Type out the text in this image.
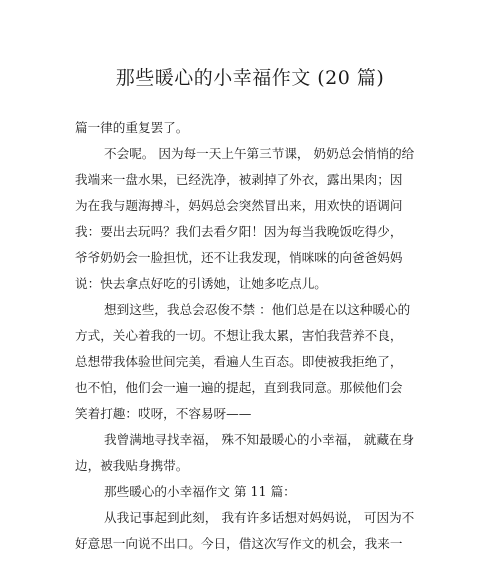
那些暖心的小幸福作文 (20 篇)
篇一律的重复罢了。
不会呢。 因为每一天上午第三节课， 奶奶总会悄悄的给
我端来一盘水果，已经洗净，被剥掉了外衣，露出果肉；因
为在我与题海搏斗，妈妈总会突然冒出来，用欢快的语调问
我：要出去玩吗？我们去看夕阳！因为每当我晚饭吃得少，
爷爷奶奶会一脸担忧，还不让我发现，悄咪咪的向爸爸妈妈
说：快去拿点好吃的引诱她，让她多吃点儿。
想到这些，我总会忍俊不禁 ：他们总是在以这种暖心的
方式，关心着我的一切。不想让我太累，害怕我营养不良，
总想带我体验世间完美，看遍人生百态。即使被我拒绝了，
也不怕，他们会一遍一遍的提起，直到我同意。那候他们会
笑着打趣：哎呀，不容易呀——
我曾满地寻找幸福， 殊不知最暖心的小幸福， 就藏在身
边，被我贴身携带。
那些暖心的小幸福作文 第 11 篇：
从我记事起到此刻， 我有许多话想对妈妈说， 可因为不
好意思一向说不出口。今日，借这次写作文的机会，我来一
